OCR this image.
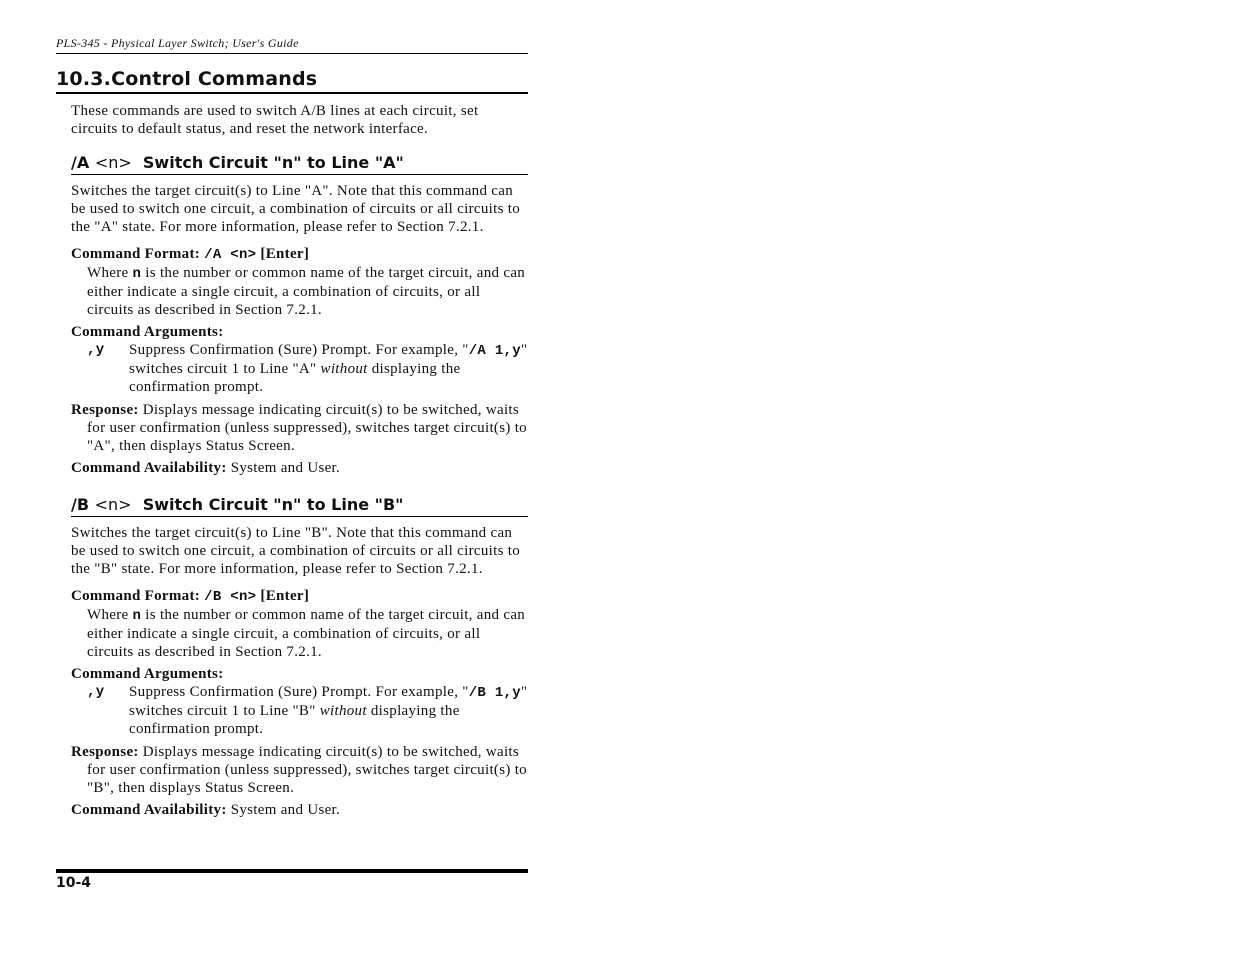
PLS-345 - Physical Layer Switch; User's Guide
10.3.Control Commands
These commands are used to switch A/B lines at each circuit, set circuits to default status, and reset the network interface.
/A <n> Switch Circuit "n" to Line "A"
Switches the target circuit(s) to Line "A". Note that this command can be used to switch one circuit, a combination of circuits or all circuits to the "A" state. For more information, please refer to Section 7.2.1.
Command Format: /A <n> [Enter]
Where n is the number or common name of the target circuit, and can either indicate a single circuit, a combination of circuits, or all circuits as described in Section 7.2.1.
Command Arguments:
,y	Suppress Confirmation (Sure) Prompt. For example, "/A 1,y" switches circuit 1 to Line "A" without displaying the confirmation prompt.
Response: Displays message indicating circuit(s) to be switched, waits for user confirmation (unless suppressed), switches target circuit(s) to "A", then displays Status Screen.
Command Availability: System and User.
/B <n> Switch Circuit "n" to Line "B"
Switches the target circuit(s) to Line "B". Note that this command can be used to switch one circuit, a combination of circuits or all circuits to the "B" state. For more information, please refer to Section 7.2.1.
Command Format: /B <n> [Enter]
Where n is the number or common name of the target circuit, and can either indicate a single circuit, a combination of circuits, or all circuits as described in Section 7.2.1.
Command Arguments:
,y	Suppress Confirmation (Sure) Prompt. For example, "/B 1,y" switches circuit 1 to Line "B" without displaying the confirmation prompt.
Response: Displays message indicating circuit(s) to be switched, waits for user confirmation (unless suppressed), switches target circuit(s) to "B", then displays Status Screen.
Command Availability: System and User.
10-4
